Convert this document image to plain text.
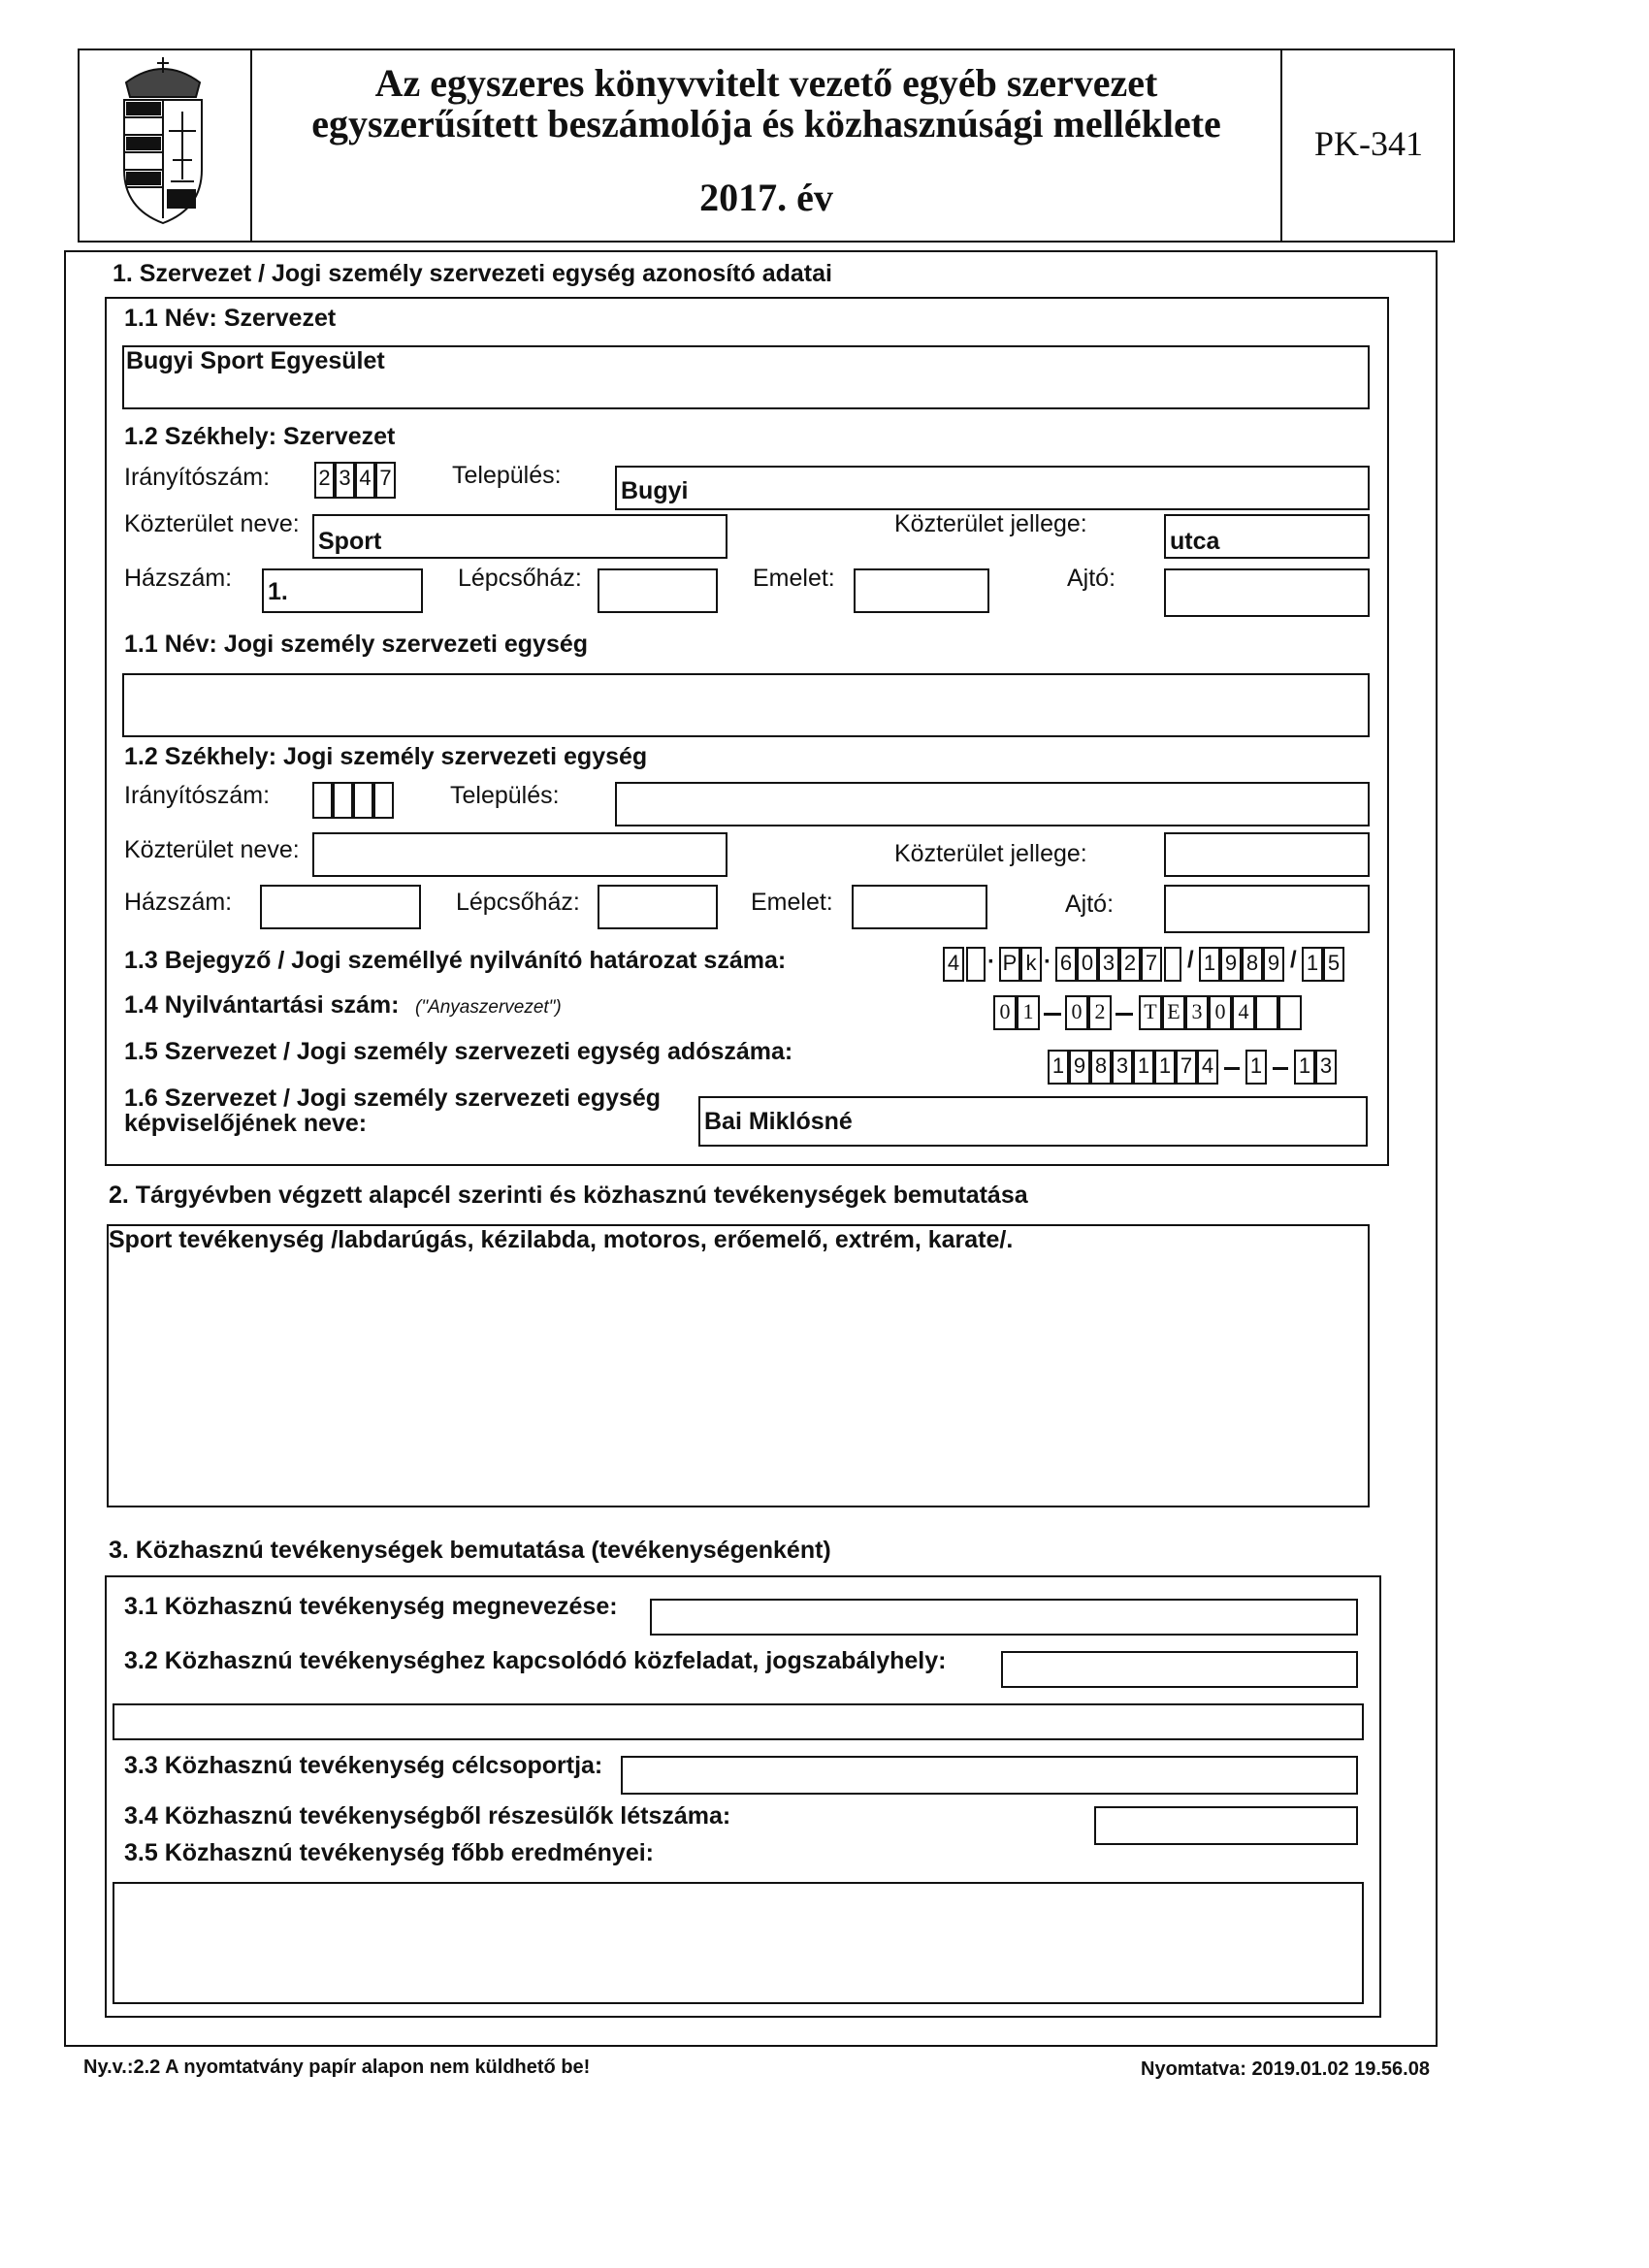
Az egyszeres könyvvitelt vezető egyéb szervezet
egyszerűsített beszámolója és közhasznúsági melléklete
2017. év
PK-341
1. Szervezet / Jogi személy szervezeti egység azonosító adatai
1.1 Név: Szervezet
Bugyi Sport Egyesület
1.2 Székhely: Szervezet
Irányítószám: 2 3 4 7 Település:
Bugyi
Közterület neve:
Sport
Közterület jellege:
utca
Házszám: 1.	Lépcsőház:	Emelet:	Ajtó:
1.1 Név: Jogi személy szervezeti egység
1.2 Székhely: Jogi személy szervezeti egység
Irányítószám:	Település:
Közterület neve:	Közterület jellege:
Házszám:	Lépcsőház:	Emelet:	Ajtó:
1.3 Bejegyző / Jogi személlyé nyilvánító határozat száma:	4 · P k · 6 0 3 2 7 / 1 9 8 9 / 1 5
1.4 Nyilvántartási szám: ("Anyaszervezet")	0 1 0 2 T E 3 0 4
1.5 Szervezet / Jogi személy szervezeti egység adószáma:
1 9 8 3 1 1 7 4 1 1 3
1.6 Szervezet / Jogi személy szervezeti egység
képviselőjének neve:	Bai Miklósné
2. Tárgyévben végzett alapcél szerinti és közhasznú tevékenységek bemutatása
Sport tevékenység /labdarúgás, kézilabda, motoros, erőemelő, extrém, karate/.
3. Közhasznú tevékenységek bemutatása (tevékenységenként)
3.1 Közhasznú tevékenység megnevezése:
3.2 Közhasznú tevékenységhez kapcsolódó közfeladat, jogszabályhely:
3.3 Közhasznú tevékenység célcsoportja:
3.4 Közhasznú tevékenységből részesülők létszáma:
3.5 Közhasznú tevékenység főbb eredményei:
Ny.v.:2.2 A nyomtatvány papír alapon nem küldhető be!	Nyomtatva: 2019.01.02 19.56.08
